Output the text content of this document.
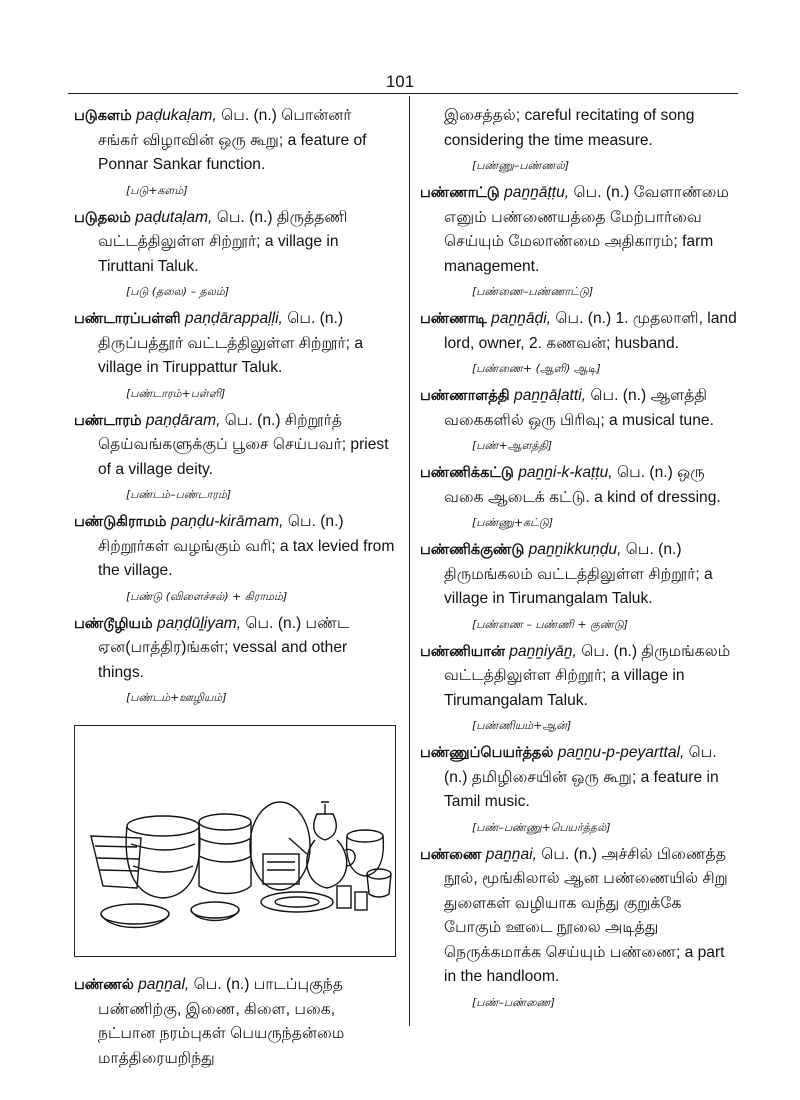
101

படுகளம் paḍukaḷam, பெ. (n.) பொன்னர் சங்கர் விழாவின் ஒரு கூறு; a feature of Ponnar Sankar function.

[படு+களம்]

படுதலம் paḍutaḷam, பெ. (n.) திருத்தணி வட்டத்திலுள்ள சிற்றூர்; a village in Tiruttani Taluk.

[படு (தலை) – தலம்]

பண்டாரப்பள்ளி paṇḍārappaḷḷi, பெ. (n.) திருப்பத்தூர் வட்டத்திலுள்ள சிற்றூர்; a village in Tiruppattur Taluk.

[பண்டாரம்+பள்ளி]

பண்டாரம் paṇḍāram, பெ. (n.) சிற்றூர்த் தெய்வங்களுக்குப் பூசை செய்பவர்; priest of a village deity.

[பண்டம்–பண்டாரம்]

பண்டுகிராமம் paṇḍu-kirāmam, பெ. (n.) சிற்றூர்கள் வழங்கும் வரி; a tax levied from the village.

[பண்டு (விளைச்சல்) + கிராமம்]

பண்டூழியம் paṇḍūḻiyam, பெ. (n.) பண்ட ஏன(பாத்திர)ங்கள்; vessal and other things.

[பண்டம்+ஊழியம்]

பண்ணல் paṉṉal, பெ. (n.) பாடப்புகுந்த பண்ணிற்கு, இணை, கிளை, பகை, நட்பான நரம்புகள் பெயருந்தன்மை மாத்திரையறிந்து

இசைத்தல்; careful recitating of song considering the time measure.

[பண்ணு–பண்ணல்]

பண்ணாட்டு paṉṉāṭṭu, பெ. (n.) வேளாண்மை எனும் பண்ணையத்தை மேற்பார்வை செய்யும் மேலாண்மை அதிகாரம்; farm management.

[பண்ணை–பண்ணாட்டு]

பண்ணாடி paṉṉāḍi, பெ. (n.) 1. முதலாளி, land lord, owner, 2. கணவன்; husband.

[பண்ணை+ (ஆளி) ஆடி]

பண்ணாளத்தி paṉṉāḷatti, பெ. (n.) ஆளத்தி வகைகளில் ஒரு பிரிவு; a musical tune.

[பண்+ஆளத்தி]

பண்ணிக்கட்டு paṉṉi-k-kaṭṭu, பெ. (n.) ஒரு வகை ஆடைக் கட்டு. a kind of dressing.

[பண்ணு+கட்டு]

பண்ணிக்குண்டு paṉṉikkuṇḍu, பெ. (n.) திருமங்கலம் வட்டத்திலுள்ள சிற்றூர்; a village in Tirumangalam Taluk.

[பண்ணை – பண்ணி + குண்டு]

பண்ணியான் paṉṉiyāṉ, பெ. (n.) திருமங்கலம் வட்டத்திலுள்ள சிற்றூர்; a village in Tirumangalam Taluk.

[பண்ணியம்+ஆன்]

பண்ணுப்பெயர்த்தல் paṉṉu-p-peyarttal, பெ. (n.) தமிழிசையின் ஒரு கூறு; a feature in Tamil music.

[பண்–பண்ணு+பெயர்த்தல்]

பண்ணை paṉṉai, பெ. (n.) அச்சில் பிணைத்த நூல், மூங்கிலால் ஆன பண்ணையில் சிறு துளைகள் வழியாக வந்து குறுக்கே போகும் ஊடை நூலை அடித்து நெருக்கமாக்க செய்யும் பண்ணை; a part in the handloom.

[பண்–பண்ணை]
